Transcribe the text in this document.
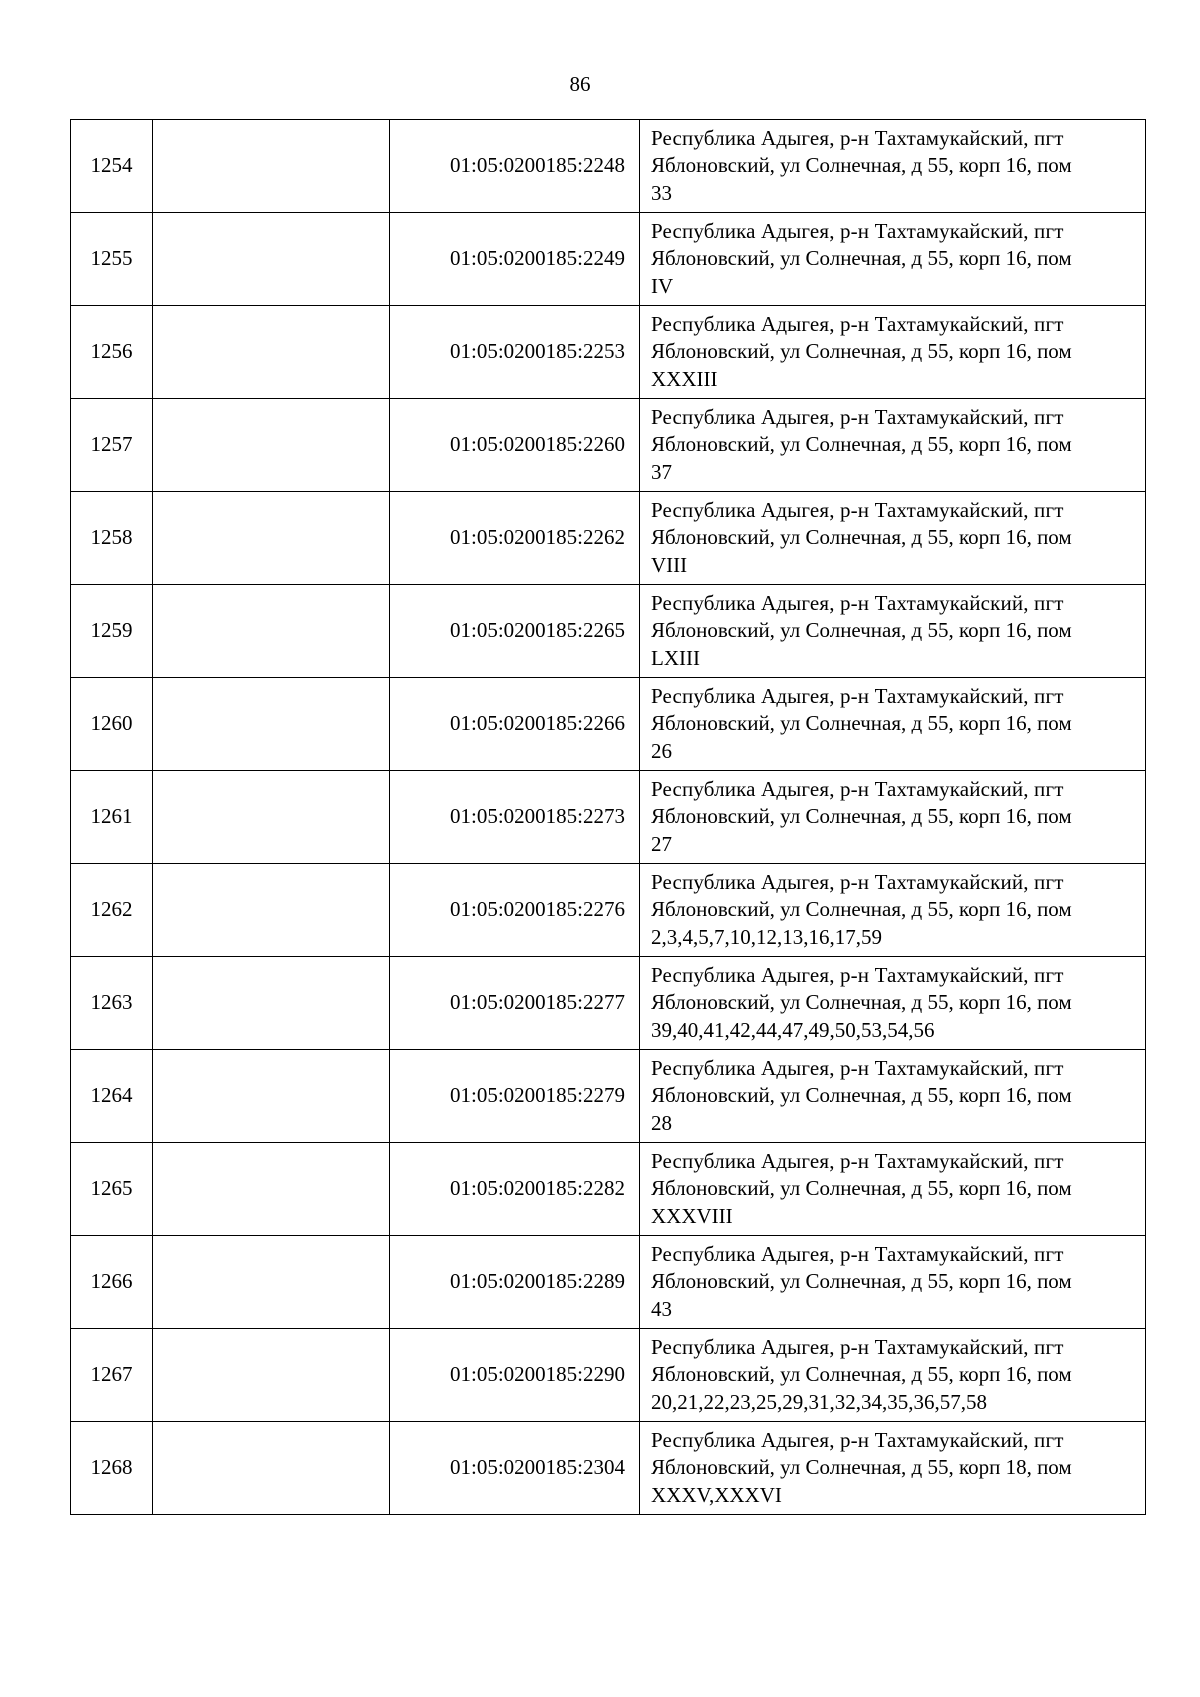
86
1254		01:05:0200185:2248	Республика Адыгея, р-н Тахтамукайский, пгт
Яблоновский, ул Солнечная, д 55, корп 16, пом
33

1255		01:05:0200185:2249	Республика Адыгея, р-н Тахтамукайский, пгт
Яблоновский, ул Солнечная, д 55, корп 16, пом
IV

1256		01:05:0200185:2253	Республика Адыгея, р-н Тахтамукайский, пгт
Яблоновский, ул Солнечная, д 55, корп 16, пом
XXXIII

1257		01:05:0200185:2260	Республика Адыгея, р-н Тахтамукайский, пгт
Яблоновский, ул Солнечная, д 55, корп 16, пом
37

1258		01:05:0200185:2262	Республика Адыгея, р-н Тахтамукайский, пгт
Яблоновский, ул Солнечная, д 55, корп 16, пом
VIII

1259		01:05:0200185:2265	Республика Адыгея, р-н Тахтамукайский, пгт
Яблоновский, ул Солнечная, д 55, корп 16, пом
LXIII

1260		01:05:0200185:2266	Республика Адыгея, р-н Тахтамукайский, пгт
Яблоновский, ул Солнечная, д 55, корп 16, пом
26

1261		01:05:0200185:2273	Республика Адыгея, р-н Тахтамукайский, пгт
Яблоновский, ул Солнечная, д 55, корп 16, пом
27

1262		01:05:0200185:2276	Республика Адыгея, р-н Тахтамукайский, пгт
Яблоновский, ул Солнечная, д 55, корп 16, пом
2,3,4,5,7,10,12,13,16,17,59

1263		01:05:0200185:2277	Республика Адыгея, р-н Тахтамукайский, пгт
Яблоновский, ул Солнечная, д 55, корп 16, пом
39,40,41,42,44,47,49,50,53,54,56

1264		01:05:0200185:2279	Республика Адыгея, р-н Тахтамукайский, пгт
Яблоновский, ул Солнечная, д 55, корп 16, пом
28

1265		01:05:0200185:2282	Республика Адыгея, р-н Тахтамукайский, пгт
Яблоновский, ул Солнечная, д 55, корп 16, пом
XXXVIII

1266		01:05:0200185:2289	Республика Адыгея, р-н Тахтамукайский, пгт
Яблоновский, ул Солнечная, д 55, корп 16, пом
43

1267		01:05:0200185:2290	Республика Адыгея, р-н Тахтамукайский, пгт
Яблоновский, ул Солнечная, д 55, корп 16, пом
20,21,22,23,25,29,31,32,34,35,36,57,58

1268		01:05:0200185:2304	Республика Адыгея, р-н Тахтамукайский, пгт
Яблоновский, ул Солнечная, д 55, корп 18, пом
XXXV,XXXVI
